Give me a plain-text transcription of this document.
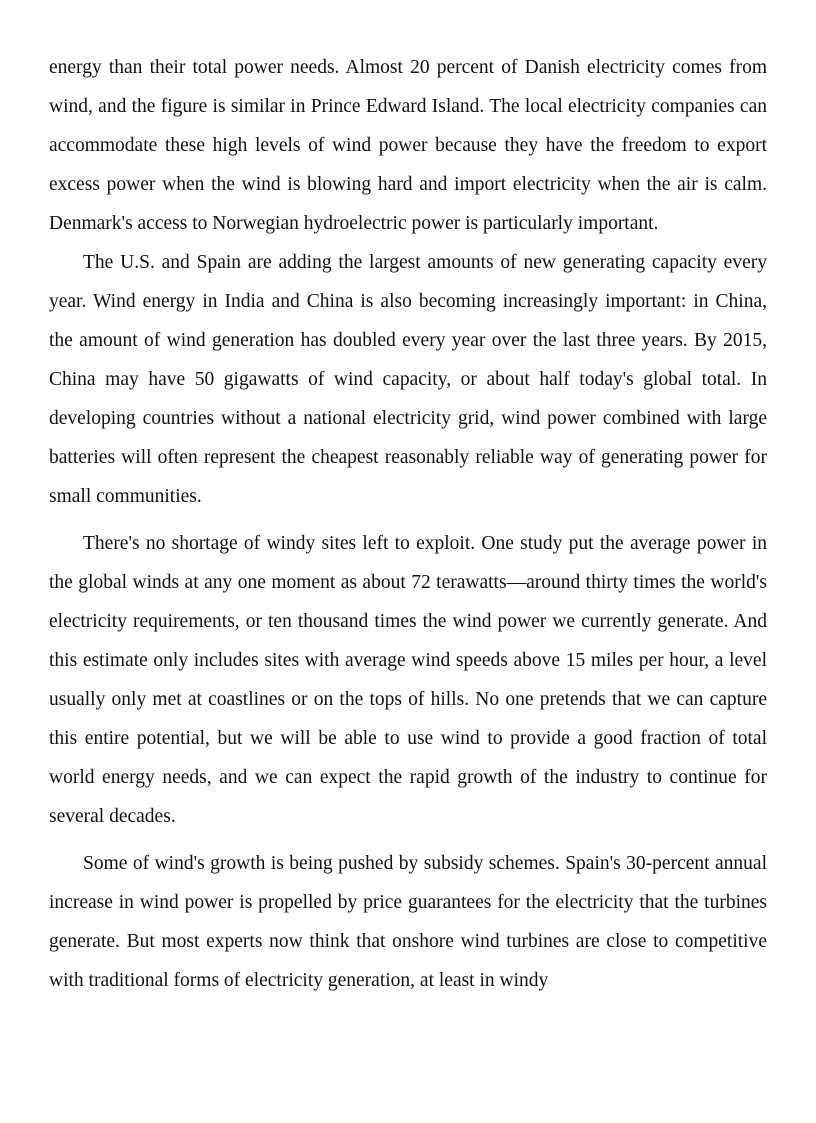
energy than their total power needs. Almost 20 percent of Danish electricity comes from wind, and the figure is similar in Prince Edward Island. The local electricity companies can accommodate these high levels of wind power because they have the freedom to export excess power when the wind is blowing hard and import electricity when the air is calm. Denmark's access to Norwegian hydroelectric power is particularly important.

The U.S. and Spain are adding the largest amounts of new generating capacity every year. Wind energy in India and China is also becoming increasingly important: in China, the amount of wind generation has doubled every year over the last three years. By 2015, China may have 50 gigawatts of wind capacity, or about half today's global total. In developing countries without a national electricity grid, wind power combined with large batteries will often represent the cheapest reasonably reliable way of generating power for small communities.

There's no shortage of windy sites left to exploit. One study put the average power in the global winds at any one moment as about 72 terawatts—around thirty times the world's electricity requirements, or ten thousand times the wind power we currently generate. And this estimate only includes sites with average wind speeds above 15 miles per hour, a level usually only met at coastlines or on the tops of hills. No one pretends that we can capture this entire potential, but we will be able to use wind to provide a good fraction of total world energy needs, and we can expect the rapid growth of the industry to continue for several decades.

Some of wind's growth is being pushed by subsidy schemes. Spain's 30-percent annual increase in wind power is propelled by price guarantees for the electricity that the turbines generate. But most experts now think that onshore wind turbines are close to competitive with traditional forms of electricity generation, at least in windy
